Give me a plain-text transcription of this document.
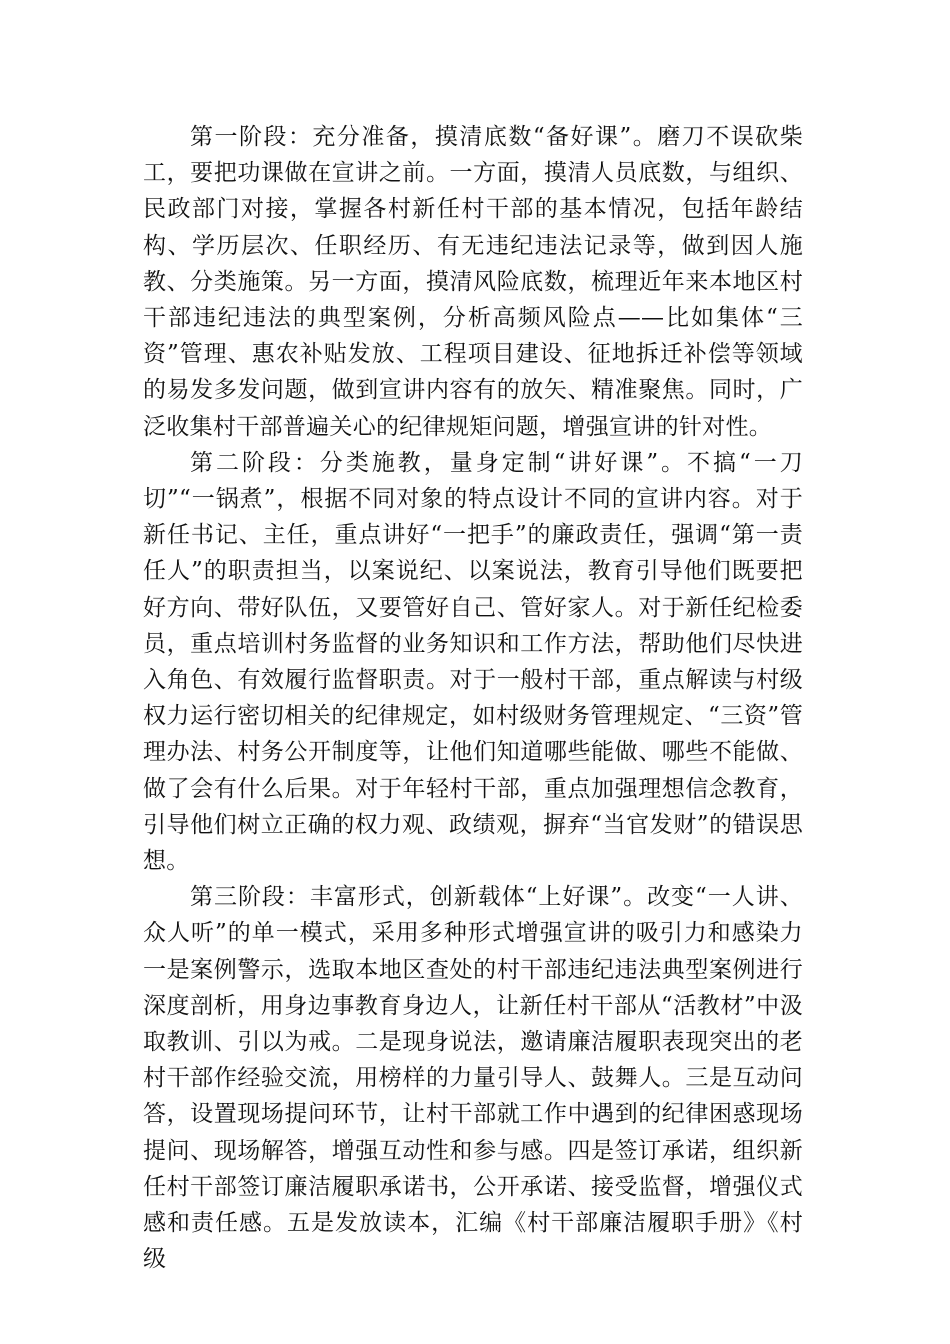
第一阶段：充分准备，摸清底数“备好课”。磨刀不误砍柴工，要把功课做在宣讲之前。一方面，摸清人员底数，与组织、民政部门对接，掌握各村新任村干部的基本情况，包括年龄结构、学历层次、任职经历、有无违纪违法记录等，做到因人施教、分类施策。另一方面，摸清风险底数，梳理近年来本地区村干部违纪违法的典型案例，分析高频风险点——比如集体“三资”管理、惠农补贴发放、工程项目建设、征地拆迁补偿等领域的易发多发问题，做到宣讲内容有的放矢、精准聚焦。同时，广泛收集村干部普遍关心的纪律规矩问题，增强宣讲的针对性。

第二阶段：分类施教，量身定制“讲好课”。不搞“一刀切”“一锅煮”，根据不同对象的特点设计不同的宣讲内容。对于新任书记、主任，重点讲好“一把手”的廉政责任，强调“第一责任人”的职责担当，以案说纪、以案说法，教育引导他们既要把好方向、带好队伍，又要管好自己、管好家人。对于新任纪检委员，重点培训村务监督的业务知识和工作方法，帮助他们尽快进入角色、有效履行监督职责。对于一般村干部，重点解读与村级权力运行密切相关的纪律规定，如村级财务管理规定、“三资”管理办法、村务公开制度等，让他们知道哪些能做、哪些不能做、做了会有什么后果。对于年轻村干部，重点加强理想信念教育，引导他们树立正确的权力观、政绩观，摒弃“当官发财”的错误思想。

第三阶段：丰富形式，创新载体“上好课”。改变“一人讲、众人听”的单一模式，采用多种形式增强宣讲的吸引力和感染力一是案例警示，选取本地区查处的村干部违纪违法典型案例进行深度剖析，用身边事教育身边人，让新任村干部从“活教材”中汲取教训、引以为戒。二是现身说法，邀请廉洁履职表现突出的老村干部作经验交流，用榜样的力量引导人、鼓舞人。三是互动问答，设置现场提问环节，让村干部就工作中遇到的纪律困惑现场提问、现场解答，增强互动性和参与感。四是签订承诺，组织新任村干部签订廉洁履职承诺书，公开承诺、接受监督，增强仪式感和责任感。五是发放读本，汇编《村干部廉洁履职手册》《村级
